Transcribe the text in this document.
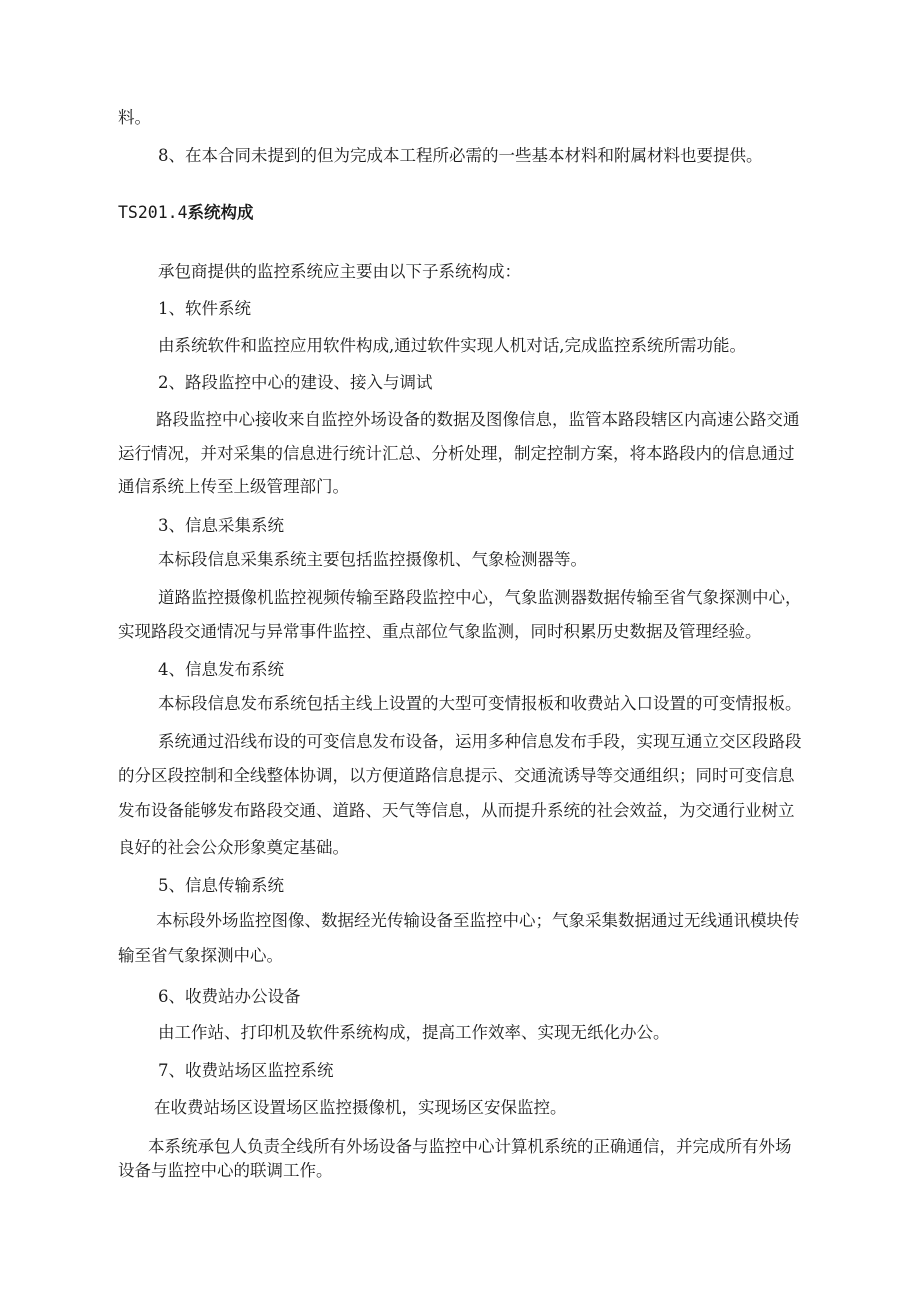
料。
8、在本合同未提到的但为完成本工程所必需的一些基本材料和附属材料也要提供。
TS201.4系统构成
承包商提供的监控系统应主要由以下子系统构成：
1、软件系统
由系统软件和监控应用软件构成,通过软件实现人机对话,完成监控系统所需功能。
2、路段监控中心的建设、接入与调试
路段监控中心接收来自监控外场设备的数据及图像信息，监管本路段辖区内高速公路交通
运行情况，并对采集的信息进行统计汇总、分析处理，制定控制方案，将本路段内的信息通过
通信系统上传至上级管理部门。
3、信息采集系统
本标段信息采集系统主要包括监控摄像机、气象检测器等。
道路监控摄像机监控视频传输至路段监控中心，气象监测器数据传输至省气象探测中心，
实现路段交通情况与异常事件监控、重点部位气象监测，同时积累历史数据及管理经验。
4、信息发布系统
本标段信息发布系统包括主线上设置的大型可变情报板和收费站入口设置的可变情报板。
系统通过沿线布设的可变信息发布设备，运用多种信息发布手段，实现互通立交区段路段
的分区段控制和全线整体协调，以方便道路信息提示、交通流诱导等交通组织；同时可变信息
发布设备能够发布路段交通、道路、天气等信息，从而提升系统的社会效益，为交通行业树立
良好的社会公众形象奠定基础。
5、信息传输系统
本标段外场监控图像、数据经光传输设备至监控中心；气象采集数据通过无线通讯模块传
输至省气象探测中心。
6、收费站办公设备
由工作站、打印机及软件系统构成，提高工作效率、实现无纸化办公。
7、收费站场区监控系统
在收费站场区设置场区监控摄像机，实现场区安保监控。
本系统承包人负责全线所有外场设备与监控中心计算机系统的正确通信，并完成所有外场
设备与监控中心的联调工作。
